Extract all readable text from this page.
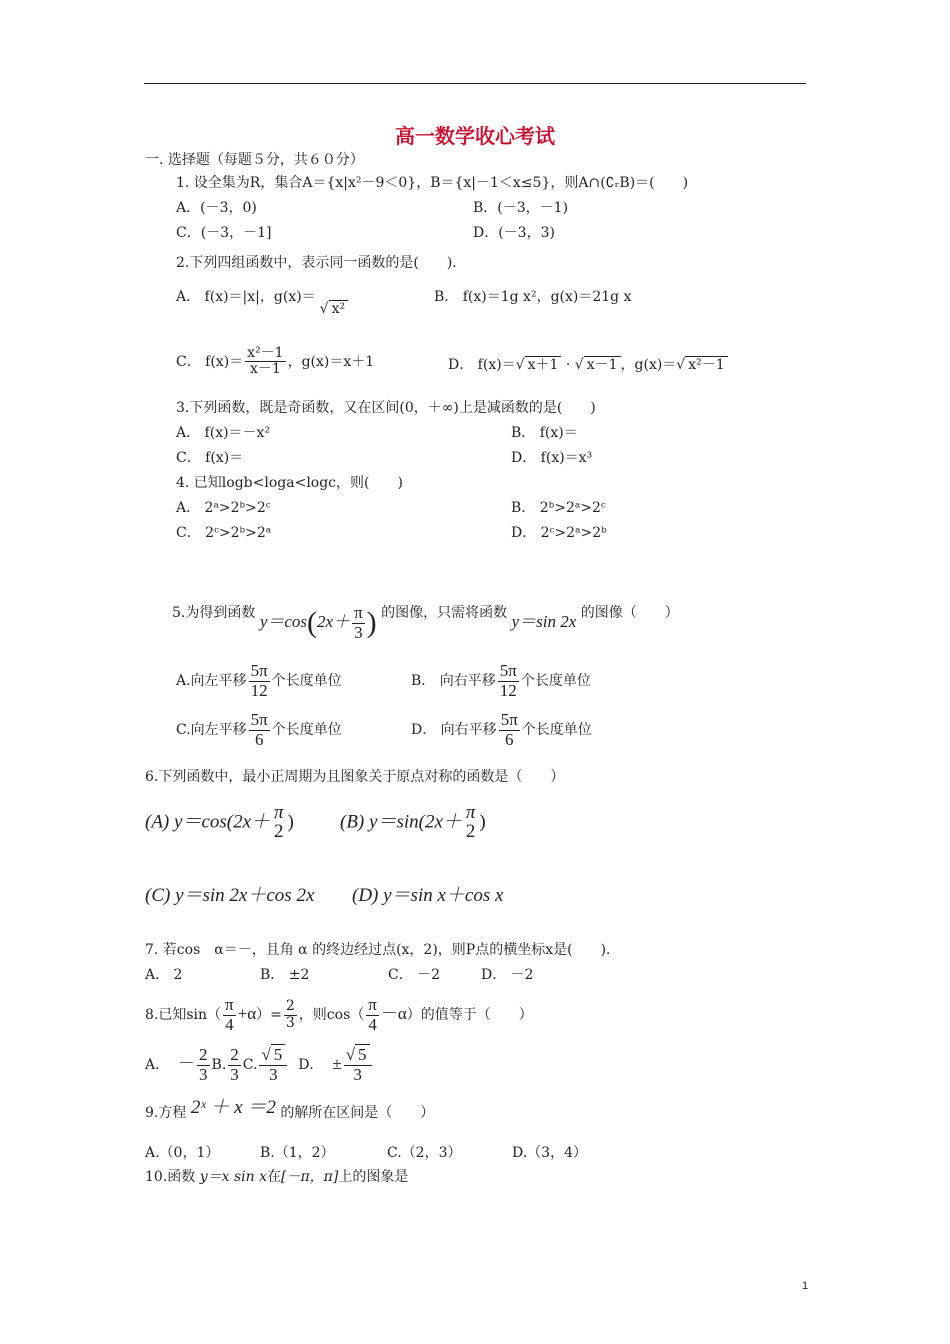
高一数学收心考试
一. 选择题（每题５分，共６０分）
1. 设全集为R，集合A＝{x|x²－9＜0}，B＝{x|－1＜x≤5}，则A∩(∁ᵣB)＝(　　)
A．(－3，0)	B．(－3，－1)
C．(－3，－1]	D．(－3，3)
2.下列四组函数中，表示同一函数的是(　　)．
A． f(x)＝|x|，g(x)＝√ x²
B． f(x)＝1g x²，g(x)＝21g x
C． $f(x)= \frac{\text{x²－1}}{x-1}$ ，g(x)＝x＋1	D． f(x)＝√ x＋1 · √ x－1 ，g(x)＝√ x²－1
3.下列函数，既是奇函数，又在区间(0，＋∞)上是减函数的是(　　)
A． f(x)＝－x²	B． f(x)＝
C． f(x)＝	D． f(x)＝x³
4. 已知logb<loga<logc，则(　　)
A． 2ᵃ>2ᵇ>2ᶜ	B． 2ᵇ>2ᵃ>2ᶜ
C． 2ᶜ>2ᵇ>2ᵃ	D． 2ᶜ>2ᵃ>2ᵇ
5.为得到函数 $y=\cos(2x+ \frac{\pi}{3}$ ) 的图像，只需将函数 y＝sin 2x 的图像（　　）
A.向左平移 $\frac{5\pi}{12}$ 个长度单位	B． 向右平移 $\frac{5\pi}{12}$ 个长度单位
C.向左平移 $\frac{5\pi}{6}$ 个长度单位	D． 向右平移 $\frac{5\pi}{6}$ 个长度单位
6.下列函数中，最小正周期为且图象关于原点对称的函数是（　　）
(A) y＝cos(2x＋ π
2 ) (B) y＝sin(2x＋ π
2 )
(C) y＝sin 2x＋cos 2x (D) y＝sin x＋cos x
7. 若cos　α＝－，且角 α 的终边经过点(x，2)，则P点的横坐标x是(　　)．
A． 2	B． ±2	C． －2	D． －2
8.已知$\sin( \frac{\pi}{4} +\alpha)= \frac{2}{3}$ ，则$\cos( \frac{\pi}{4} -\alpha)$的值等于（　　）
A． － $\frac{2}{3} B$. $\frac{2}{3} C$. $\frac{√ 5}{3}$ D． ± $\frac{√ 5}{3}$
9.方程 2ˣ ＋ x ＝2 的解所在区间是（　　）
A.（0，1）	B.（1，2）	C.（2，3）	D.（3，4）
10.函数 y＝x sin x在[－π，π]上的图象是
1
